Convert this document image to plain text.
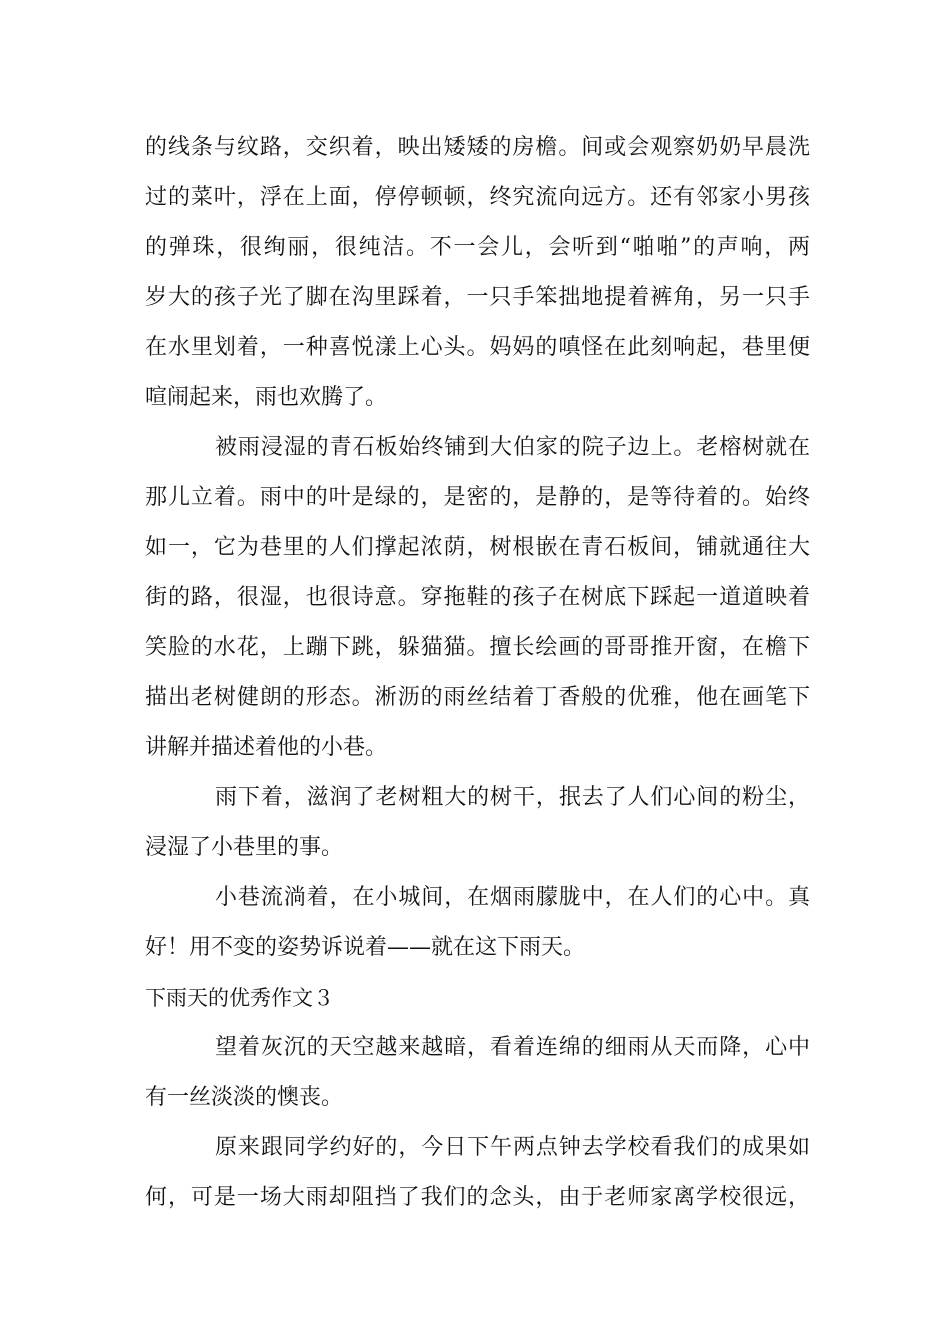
的线条与纹路，交织着，映出矮矮的房檐。间或会观察奶奶早晨洗
过的菜叶，浮在上面，停停顿顿，终究流向远方。还有邻家小男孩
的弹珠，很绚丽，很纯洁。不一会儿，会听到“啪啪”的声响，两
岁大的孩子光了脚在沟里踩着，一只手笨拙地提着裤角，另一只手
在水里划着，一种喜悦漾上心头。妈妈的嗔怪在此刻响起，巷里便
喧闹起来，雨也欢腾了。
被雨浸湿的青石板始终铺到大伯家的院子边上。老榕树就在
那儿立着。雨中的叶是绿的，是密的，是静的，是等待着的。始终
如一，它为巷里的人们撑起浓荫，树根嵌在青石板间，铺就通往大
街的路，很湿，也很诗意。穿拖鞋的孩子在树底下踩起一道道映着
笑脸的水花，上蹦下跳，躲猫猫。擅长绘画的哥哥推开窗，在檐下
描出老树健朗的形态。淅沥的雨丝结着丁香般的优雅，他在画笔下
讲解并描述着他的小巷。
雨下着，滋润了老树粗大的树干，抿去了人们心间的粉尘，
浸湿了小巷里的事。
小巷流淌着，在小城间，在烟雨朦胧中，在人们的心中。真
好！用不变的姿势诉说着——就在这下雨天。
下雨天的优秀作文３
望着灰沉的天空越来越暗，看着连绵的细雨从天而降，心中
有一丝淡淡的懊丧。
原来跟同学约好的，今日下午两点钟去学校看我们的成果如
何，可是一场大雨却阻挡了我们的念头，由于老师家离学校很远，
